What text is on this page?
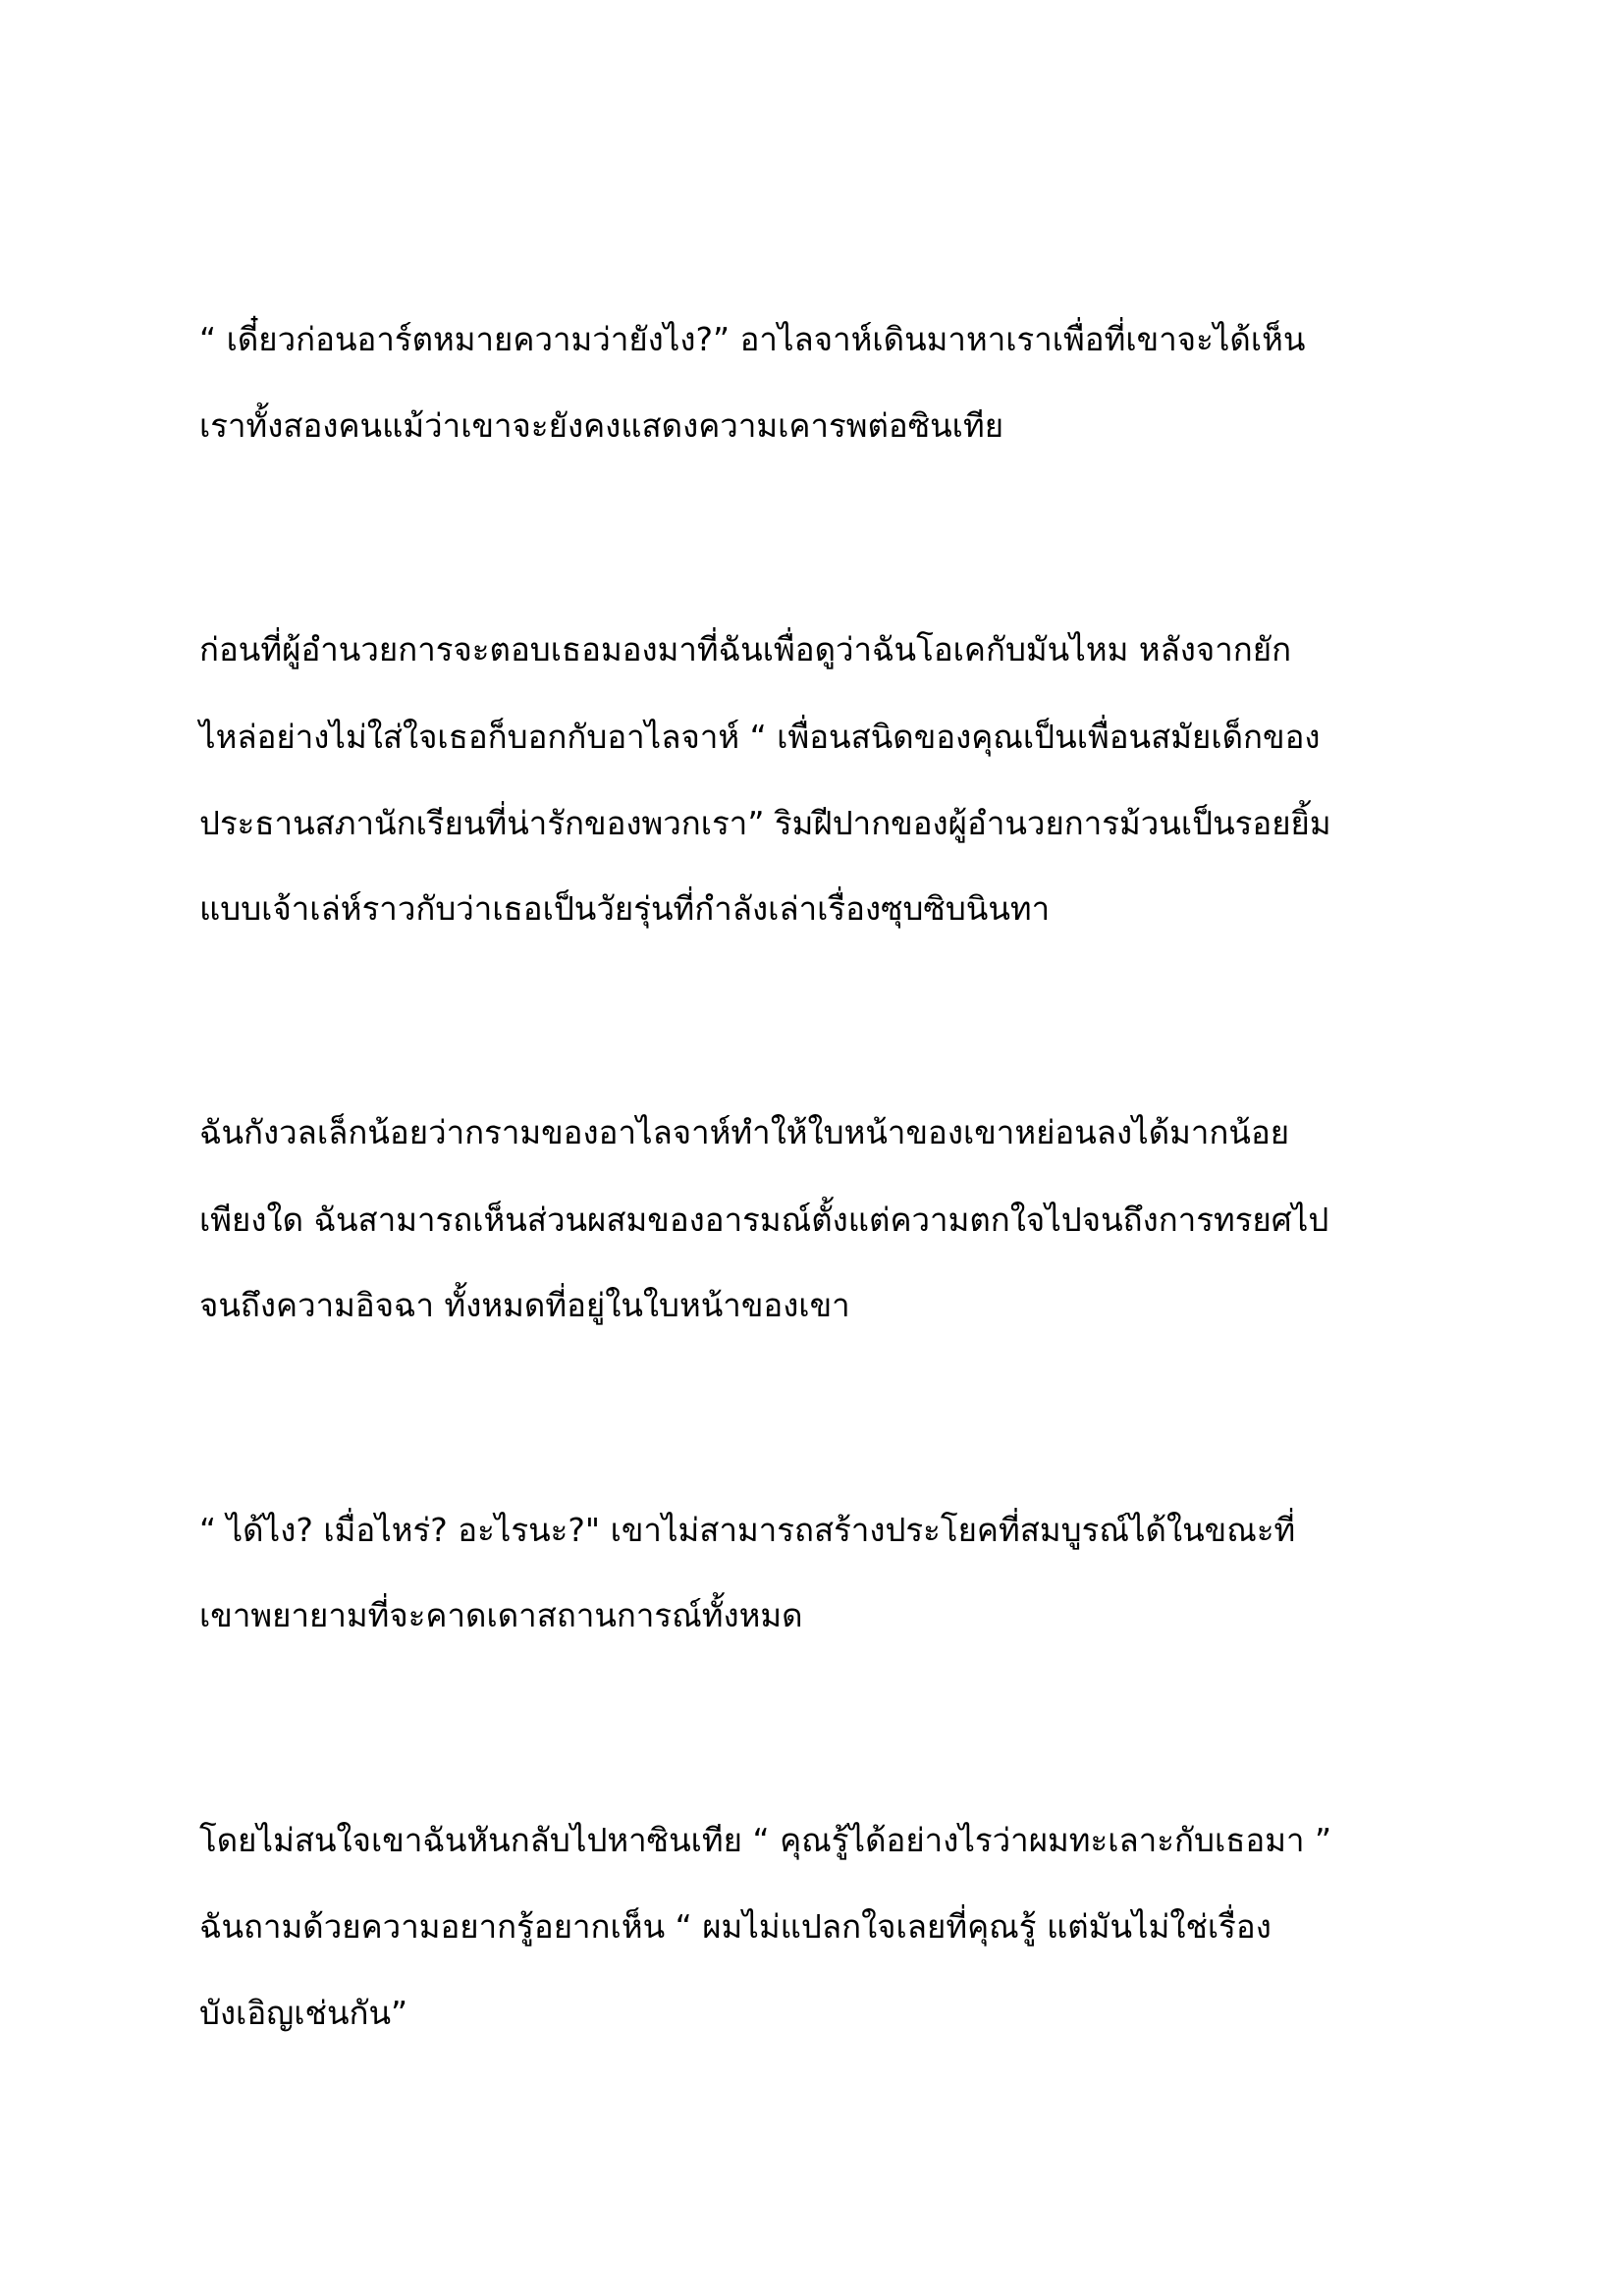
“ เดี๋ยวก่อนอาร์ตหมายความว่ายังไง?” อาไลจาห์เดินมาหาเราเพื่อที่เขาจะได้เห็น

เราทั้งสองคนแม้ว่าเขาจะยังคงแสดงความเคารพต่อซินเทีย

ก่อนที่ผู้อำนวยการจะตอบเธอมองมาที่ฉันเพื่อดูว่าฉันโอเคกับมันไหม หลังจากยัก

ไหล่อย่างไม่ใส่ใจเธอก็บอกกับอาไลจาห์ “ เพื่อนสนิดของคุณเป็นเพื่อนสมัยเด็กของ

ประธานสภานักเรียนที่น่ารักของพวกเรา” ริมฝีปากของผู้อำนวยการม้วนเป็นรอยยิ้ม

แบบเจ้าเล่ห์ราวกับว่าเธอเป็นวัยรุ่นที่กำลังเล่าเรื่องซุบซิบนินทา

ฉันกังวลเล็กน้อยว่ากรามของอาไลจาห์ทำให้ใบหน้าของเขาหย่อนลงได้มากน้อย

เพียงใด ฉันสามารถเห็นส่วนผสมของอารมณ์ตั้งแต่ความตกใจไปจนถึงการทรยศไป

จนถึงความอิจฉา ทั้งหมดที่อยู่ในใบหน้าของเขา

“ ได้ไง? เมื่อไหร่? อะไรนะ?" เขาไม่สามารถสร้างประโยคที่สมบูรณ์ได้ในขณะที่

เขาพยายามที่จะคาดเดาสถานการณ์ทั้งหมด

โดยไม่สนใจเขาฉันหันกลับไปหาซินเทีย “ คุณรู้ได้อย่างไรว่าผมทะเลาะกับเธอมา ”

ฉันถามด้วยความอยากรู้อยากเห็น “ ผมไม่แปลกใจเลยที่คุณรู้ แต่มันไม่ใช่เรื่อง

บังเอิญเช่นกัน”
